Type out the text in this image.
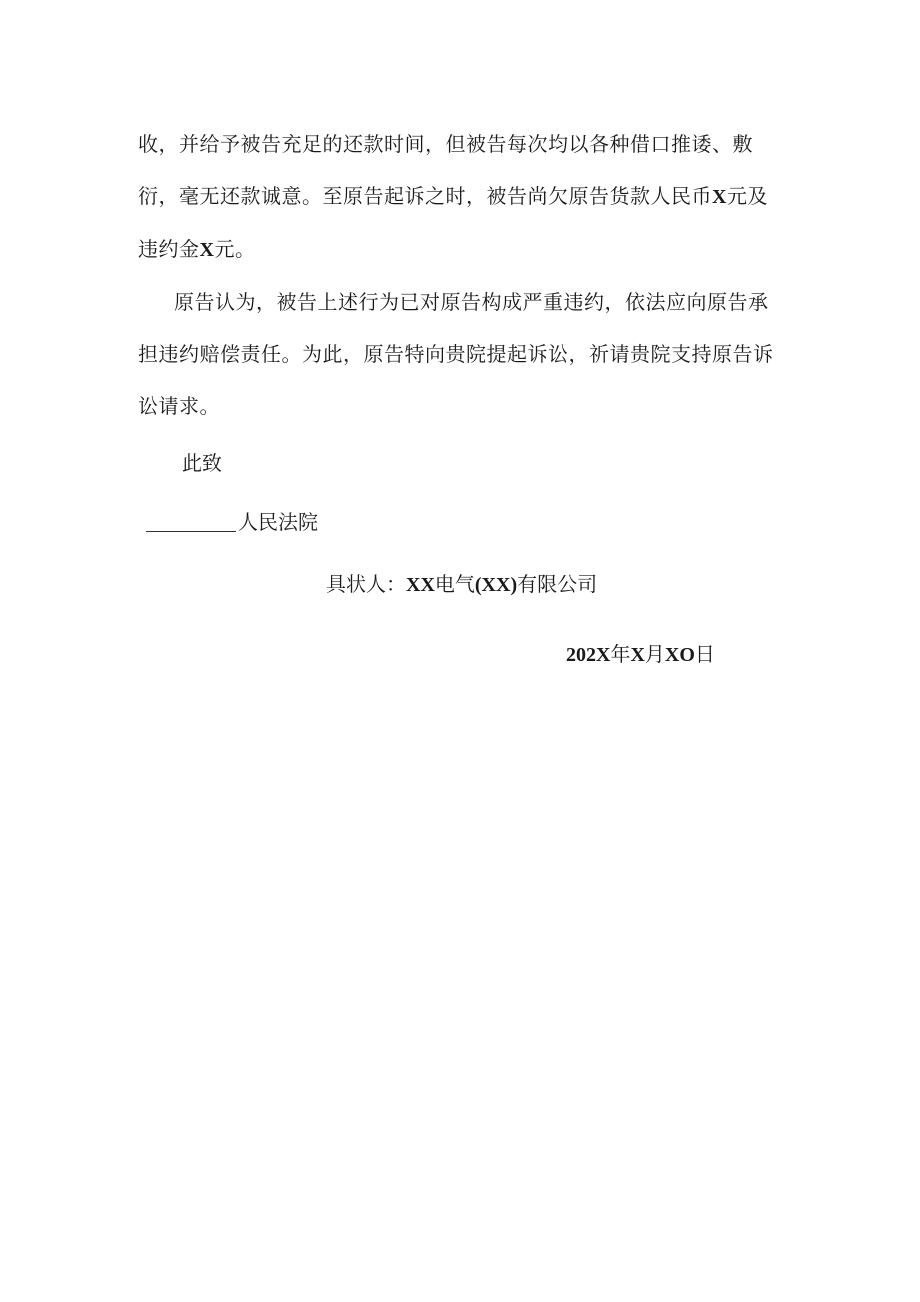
收，并给予被告充足的还款时间，但被告每次均以各种借口推诿、敷衍，毫无还款诚意。至原告起诉之时，被告尚欠原告货款人民币X元及违约金X元。
原告认为，被告上述行为已对原告构成严重违约，依法应向原告承担违约赔偿责任。为此，原告特向贵院提起诉讼，祈请贵院支持原告诉讼请求。
此致
人民法院
具状人：XX电气(XX)有限公司
202X年X月XO日
